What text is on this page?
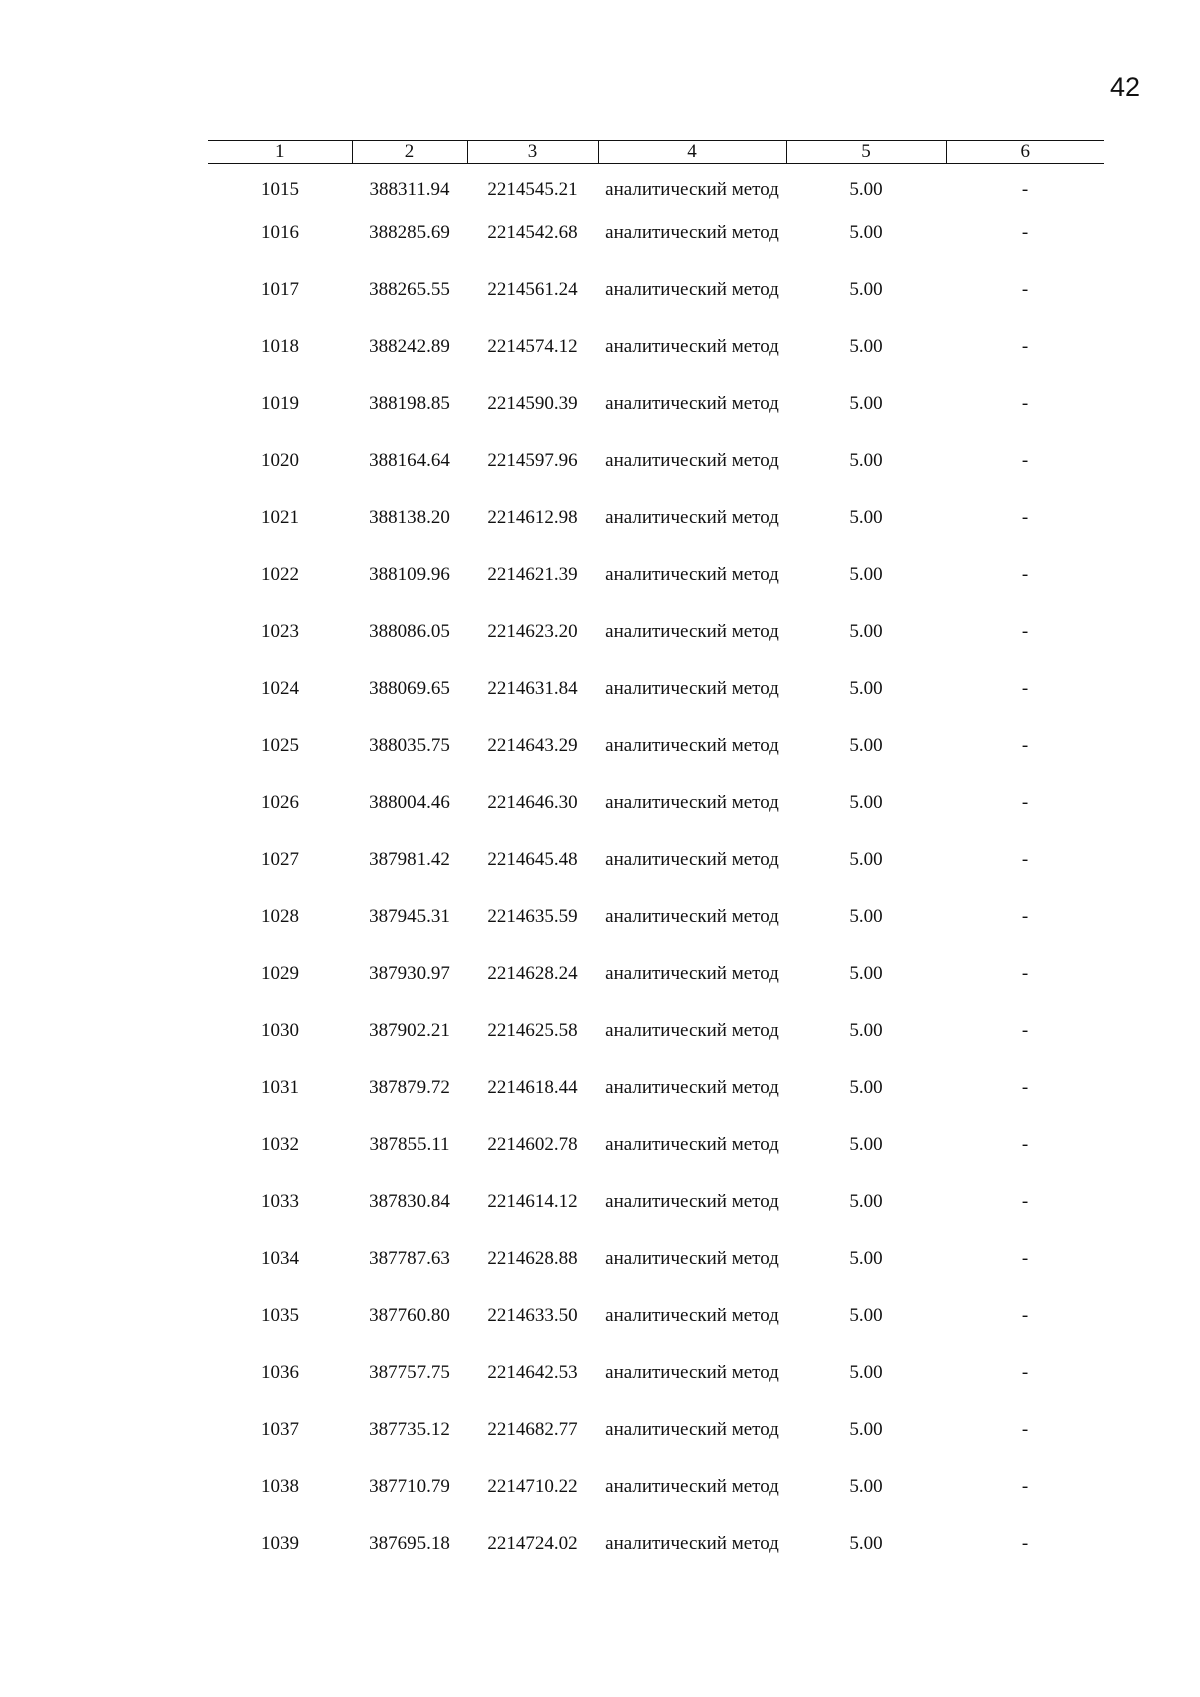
42
1	2	3	4	5	6
1015	388311.94	2214545.21	аналитический метод	5.00	-
1016	388285.69	2214542.68	аналитический метод	5.00	-
1017	388265.55	2214561.24	аналитический метод	5.00	-
1018	388242.89	2214574.12	аналитический метод	5.00	-
1019	388198.85	2214590.39	аналитический метод	5.00	-
1020	388164.64	2214597.96	аналитический метод	5.00	-
1021	388138.20	2214612.98	аналитический метод	5.00	-
1022	388109.96	2214621.39	аналитический метод	5.00	-
1023	388086.05	2214623.20	аналитический метод	5.00	-
1024	388069.65	2214631.84	аналитический метод	5.00	-
1025	388035.75	2214643.29	аналитический метод	5.00	-
1026	388004.46	2214646.30	аналитический метод	5.00	-
1027	387981.42	2214645.48	аналитический метод	5.00	-
1028	387945.31	2214635.59	аналитический метод	5.00	-
1029	387930.97	2214628.24	аналитический метод	5.00	-
1030	387902.21	2214625.58	аналитический метод	5.00	-
1031	387879.72	2214618.44	аналитический метод	5.00	-
1032	387855.11	2214602.78	аналитический метод	5.00	-
1033	387830.84	2214614.12	аналитический метод	5.00	-
1034	387787.63	2214628.88	аналитический метод	5.00	-
1035	387760.80	2214633.50	аналитический метод	5.00	-
1036	387757.75	2214642.53	аналитический метод	5.00	-
1037	387735.12	2214682.77	аналитический метод	5.00	-
1038	387710.79	2214710.22	аналитический метод	5.00	-
1039	387695.18	2214724.02	аналитический метод	5.00	-
